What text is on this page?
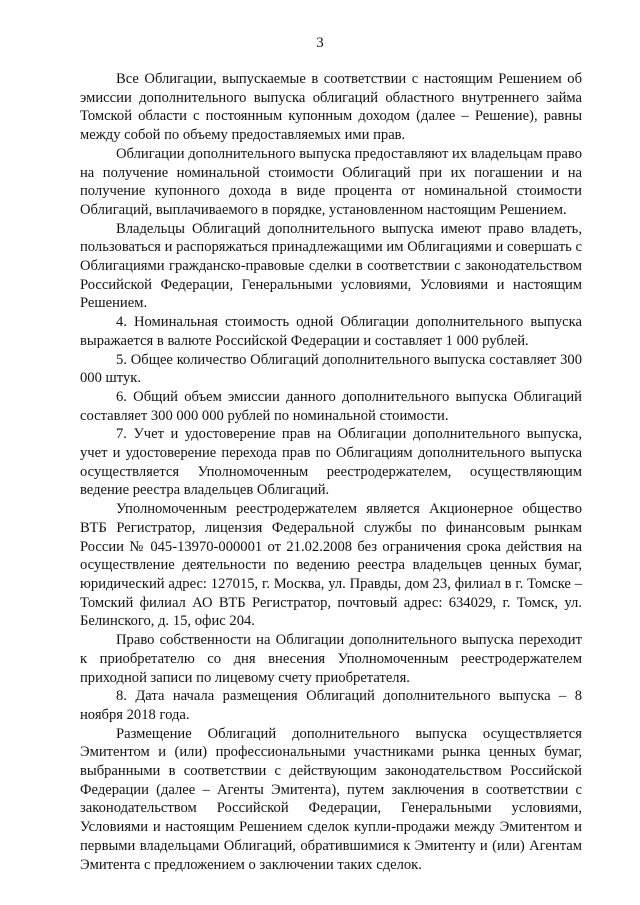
3

Все Облигации, выпускаемые в соответствии с настоящим Решением об эмиссии дополнительного выпуска облигаций областного внутреннего займа Томской области с постоянным купонным доходом (далее – Решение), равны между собой по объему предоставляемых ими прав.

Облигации дополнительного выпуска предоставляют их владельцам право на получение номинальной стоимости Облигаций при их погашении и на получение купонного дохода в виде процента от номинальной стоимости Облигаций, выплачиваемого в порядке, установленном настоящим Решением.

Владельцы Облигаций дополнительного выпуска имеют право владеть, пользоваться и распоряжаться принадлежащими им Облигациями и совершать с Облигациями гражданско-правовые сделки в соответствии с законодательством Российской Федерации, Генеральными условиями, Условиями и настоящим Решением.

4. Номинальная стоимость одной Облигации дополнительного выпуска выражается в валюте Российской Федерации и составляет 1 000 рублей.

5. Общее количество Облигаций дополнительного выпуска составляет 300 000 штук.

6. Общий объем эмиссии данного дополнительного выпуска Облигаций составляет 300 000 000 рублей по номинальной стоимости.

7. Учет и удостоверение прав на Облигации дополнительного выпуска, учет и удостоверение перехода прав по Облигациям дополнительного выпуска осуществляется Уполномоченным реестродержателем, осуществляющим ведение реестра владельцев Облигаций.

Уполномоченным реестродержателем является Акционерное общество ВТБ Регистратор, лицензия Федеральной службы по финансовым рынкам России № 045-13970-000001 от 21.02.2008 без ограничения срока действия на осуществление деятельности по ведению реестра владельцев ценных бумаг, юридический адрес: 127015, г. Москва, ул. Правды, дом 23, филиал в г. Томске – Томский филиал АО ВТБ Регистратор, почтовый адрес: 634029, г. Томск, ул. Белинского, д. 15, офис 204.

Право собственности на Облигации дополнительного выпуска переходит к приобретателю со дня внесения Уполномоченным реестродержателем приходной записи по лицевому счету приобретателя.

8. Дата начала размещения Облигаций дополнительного выпуска – 8 ноября 2018 года.

Размещение Облигаций дополнительного выпуска осуществляется Эмитентом и (или) профессиональными участниками рынка ценных бумаг, выбранными в соответствии с действующим законодательством Российской Федерации (далее – Агенты Эмитента), путем заключения в соответствии с законодательством Российской Федерации, Генеральными условиями, Условиями и настоящим Решением сделок купли-продажи между Эмитентом и первыми владельцами Облигаций, обратившимися к Эмитенту и (или) Агентам Эмитента с предложением о заключении таких сделок.
